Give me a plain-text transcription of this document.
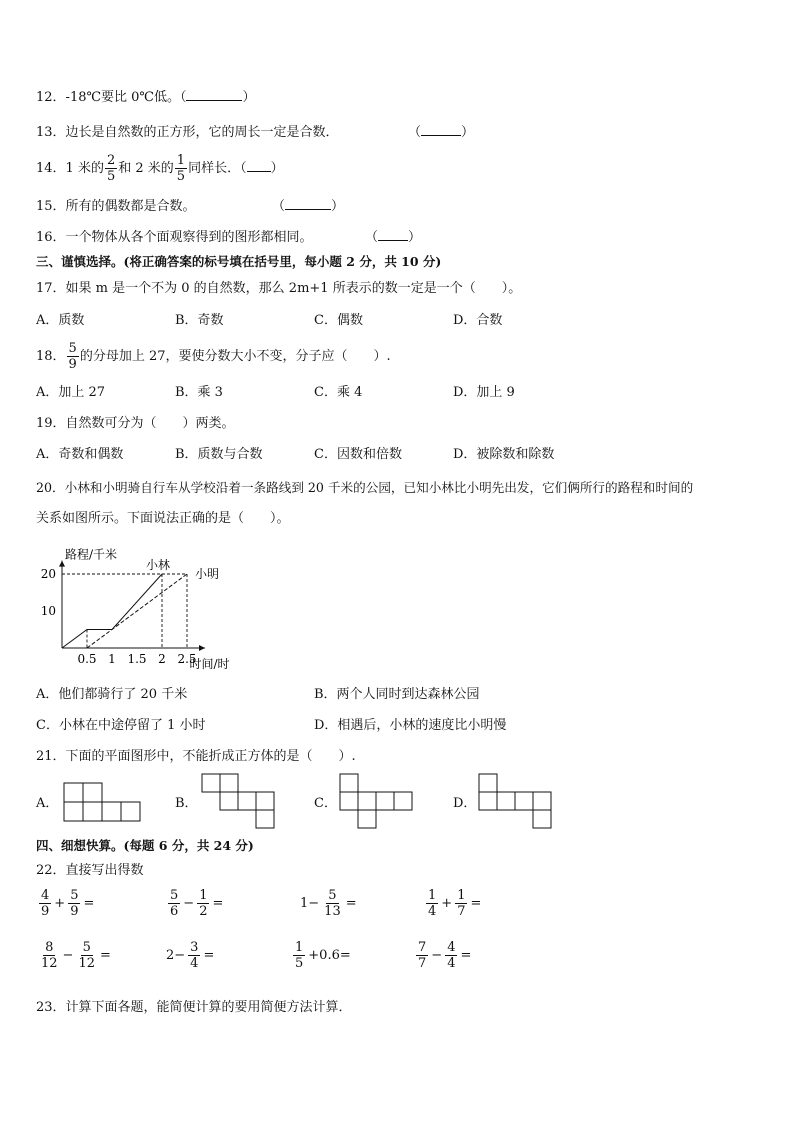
12．-18℃要比 0℃低。（	）
13．边长是自然数的正方形，它的周长一定是合数．	（	）
14．1 米的 $\frac{2}{5}$ 和 2 米的 $\frac{1}{5}$ 同样长．（ ）
15．所有的偶数都是合数。	（	）
16．一个物体从各个面观察得到的图形都相同。	（ ）
三、谨慎选择。(将正确答案的标号填在括号里，每小题 2 分，共 10 分)
17．如果 m 是一个不为 0 的自然数，那么 2m+1 所表示的数一定是一个（　　）。
A．质数	B．奇数	C．偶数	D．合数
18． $\frac{5}{9}$ 的分母加上 27，要使分数大小不变，分子应（　　）.
A．加上 27	B．乘 3	C．乘 4	D．加上 9
19．自然数可分为（　　）两类。
A．奇数和偶数	B．质数与合数	C．因数和倍数	D．被除数和除数
20．小林和小明骑自行车从学校沿着一条路线到 20 千米的公园，已知小林比小明先出发，它们俩所行的路程和时间的
关系如图所示。下面说法正确的是（　　）。
路程/千米
时间/时
0.5 1 1.5 2 2.5
10
20
小林
小明
A．他们都骑行了 20 千米	B．两个人同时到达森林公园
C．小林在中途停留了 1 小时	D．相遇后，小林的速度比小明慢
21．下面的平面图形中，不能折成正方体的是（　　）.
A．	B．	C．	D．
四、细想快算。(每题 6 分，共 24 分)
22．直接写出得数
$\frac{4}{9} + \frac{5}{9}$ =	$\frac{5}{6} - \frac{1}{2}$ =	$1- \frac{5}{13}$ =	$\frac{1}{4} + \frac{1}{7}$ =
$\frac{8}{12} - \frac{5}{12}$ =	$2- \frac{3}{4}$ =	$\frac{1}{5} +0.6=$	$\frac{7}{7} - \frac{4}{4}$ =
23．计算下面各题，能简便计算的要用简便方法计算．
